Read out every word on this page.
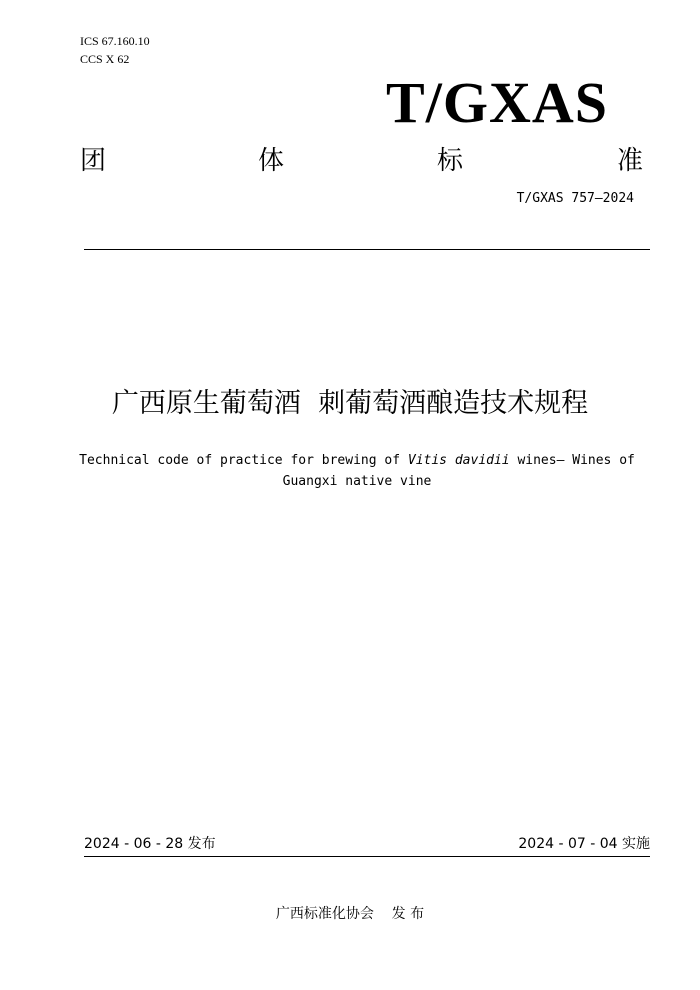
ICS 67.160.10
CCS X 62
T/GXAS
团	体	标	准
T/GXAS 757—2024
广西原生葡萄酒  刺葡萄酒酿造技术规程
Technical code of practice for brewing of Vitis davidii wines— Wines of Guangxi native vine
2024 - 06 - 28 发布	2024 - 07 - 04 实施
广西标准化协会    发 布
